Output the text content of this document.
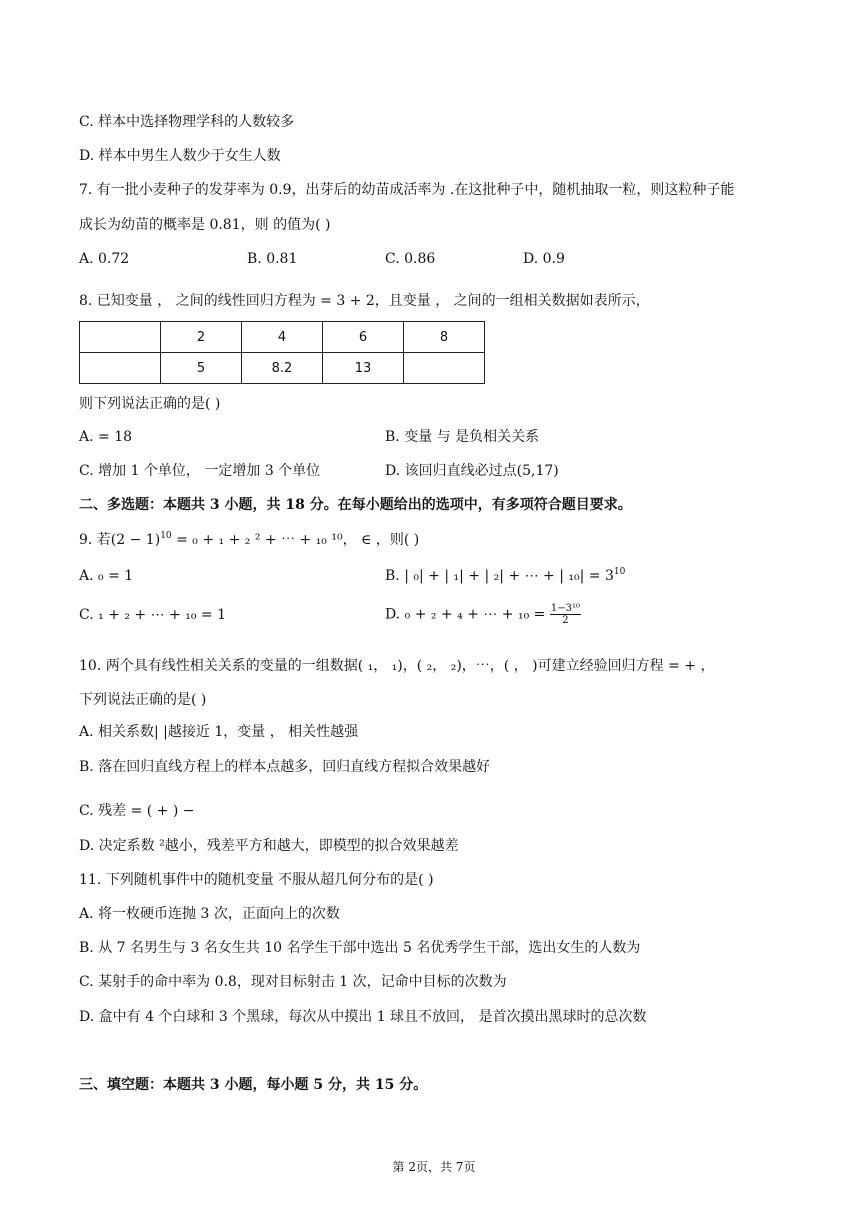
C. 样本中选择物理学科的人数较多
D. 样本中男生人数少于女生人数
7. 有一批小麦种子的发芽率为 0.9，出芽后的幼苗成活率为 .在这批种子中，随机抽取一粒，则这粒种子能
成长为幼苗的概率是 0.81，则 的值为( )
A. 0.72	B. 0.81	C. 0.86	D. 0.9
8. 已知变量 ， 之间的线性回归方程为 = 3 + 2，且变量 ， 之间的一组相关数据如表所示，
	2	4	6	8
	5	8.2	13	
则下列说法正确的是( )
A. = 18	B. 变量 与 是负相关关系
C. 增加 1 个单位， 一定增加 3 个单位	D. 该回归直线必过点(5,17)
二、多选题：本题共 3 小题，共 18 分。在每小题给出的选项中，有多项符合题目要求。
9. 若$(2 - 1)^{10} = _0 + _1 + _2$ ² + ⋯ + ₁₀ ¹⁰， ∈ ，则( )
A. ₀ = 1	B. | ₀| + | ₁| + | ₂| + ⋯ + | $_{10}| = 3^{10}$
C. ₁ + ₂ + ⋯ + ₁₀ = 1	D. ₀ + ₂ + ₄ + ⋯ + $_{10} = \frac{\text{1−3¹⁰}}{2}$
10. 两个具有线性相关关系的变量的一组数据( ₁， ₁)，( ₂， ₂)，⋯，( ， )可建立经验回归方程 = + ，
下列说法正确的是( )
A. 相关系数| |越接近 1，变量 ， 相关性越强
B. 落在回归直线方程上的样本点越多，回归直线方程拟合效果越好
C. 残差 = ( + ) −
D. 决定系数 ²越小，残差平方和越大，即模型的拟合效果越差
11. 下列随机事件中的随机变量 不服从超几何分布的是( )
A. 将一枚硬币连抛 3 次，正面向上的次数
B. 从 7 名男生与 3 名女生共 10 名学生干部中选出 5 名优秀学生干部，选出女生的人数为
C. 某射手的命中率为 0.8，现对目标射击 1 次，记命中目标的次数为
D. 盒中有 4 个白球和 3 个黑球，每次从中摸出 1 球且不放回， 是首次摸出黑球时的总次数
三、填空题：本题共 3 小题，每小题 5 分，共 15 分。
第 2页，共 7页
